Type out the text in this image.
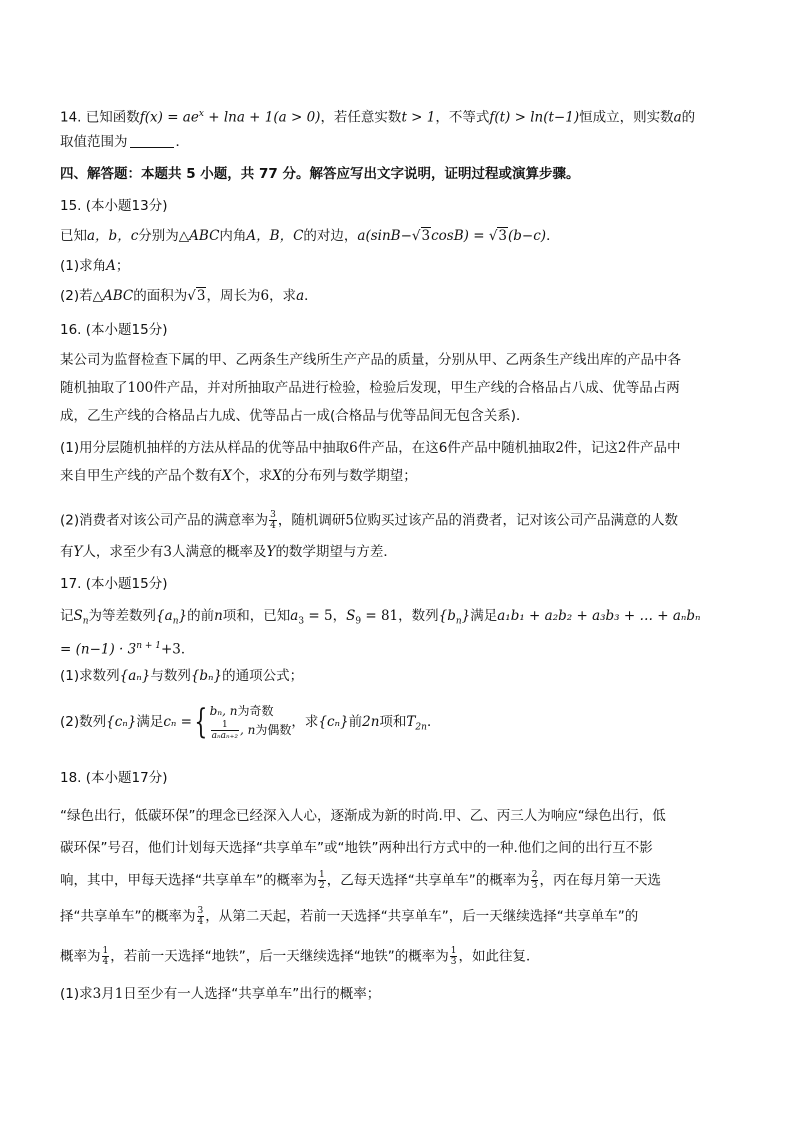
14. 已知函数$f(x) = ae^x + \ln a + 1(a > 0)$，若任意实数t > 1，不等式f(t) > ln(t−1)恒成立，则实数a的
取值范围为	．
四、解答题：本题共 5 小题，共 77 分。解答应写出文字说明，证明过程或演算步骤。
15. (本小题13分)
已知a，b，c分别为△ABC内角A，B，C的对边，a(sinB−√3cosB) = √3(b−c)．
(1)求角A；
(2)若△ABC的面积为√3，周长为6，求a．
16. (本小题15分)
某公司为监督检查下属的甲、乙两条生产线所生产产品的质量，分别从甲、乙两条生产线出库的产品中各
随机抽取了100件产品，并对所抽取产品进行检验，检验后发现，甲生产线的合格品占八成、优等品占两
成，乙生产线的合格品占九成、优等品占一成(合格品与优等品间无包含关系)．
(1)用分层随机抽样的方法从样品的优等品中抽取6件产品，在这6件产品中随机抽取2件，记这2件产品中
来自甲生产线的产品个数有X个，求X的分布列与数学期望；
(2)消费者对该公司产品的满意率为 $\frac{3}{4}$ ，随机调研5位购买过该产品的消费者，记对该公司产品满意的人数
有Y人，求至少有3人满意的概率及Y的数学期望与方差．
17. (本小题15分)
记$S_n$为等差数列$\{a_n\}$的前n项和，已知$a_3 = 5$，$S_9 = 81$，数列$\{b_n\}$满足a₁b₁ + a₂b₂ + a₃b₃ + … + aₙbₙ
= $(n-1) \cdot 3^{n + 1}+3$．
(1)求数列{aₙ}与数列{bₙ}的通项公式；
(2)数列{cₙ}满足cₙ ={ bₙ, n为奇数
$\frac{1}{\text{aₙaₙ₊₂}}$ , n为偶数 ，求{cₙ}前2n项和$T_{2n}$．
18. (本小题17分)
“绿色出行，低碳环保”的理念已经深入人心，逐渐成为新的时尚.甲、乙、丙三人为响应“绿色出行，低
碳环保”号召，他们计划每天选择“共享单车”或“地铁”两种出行方式中的一种.他们之间的出行互不影
响，其中，甲每天选择“共享单车”的概率为 $\frac{1}{2}$ ，乙每天选择“共享单车”的概率为 $\frac{2}{3}$ ，丙在每月第一天选
择“共享单车”的概率为 $\frac{3}{4}$ ，从第二天起，若前一天选择“共享单车”，后一天继续选择“共享单车”的
概率为 $\frac{1}{4}$ ，若前一天选择“地铁”，后一天继续选择“地铁”的概率为 $\frac{1}{3}$ ，如此往复．
(1)求3月1日至少有一人选择“共享单车”出行的概率；
